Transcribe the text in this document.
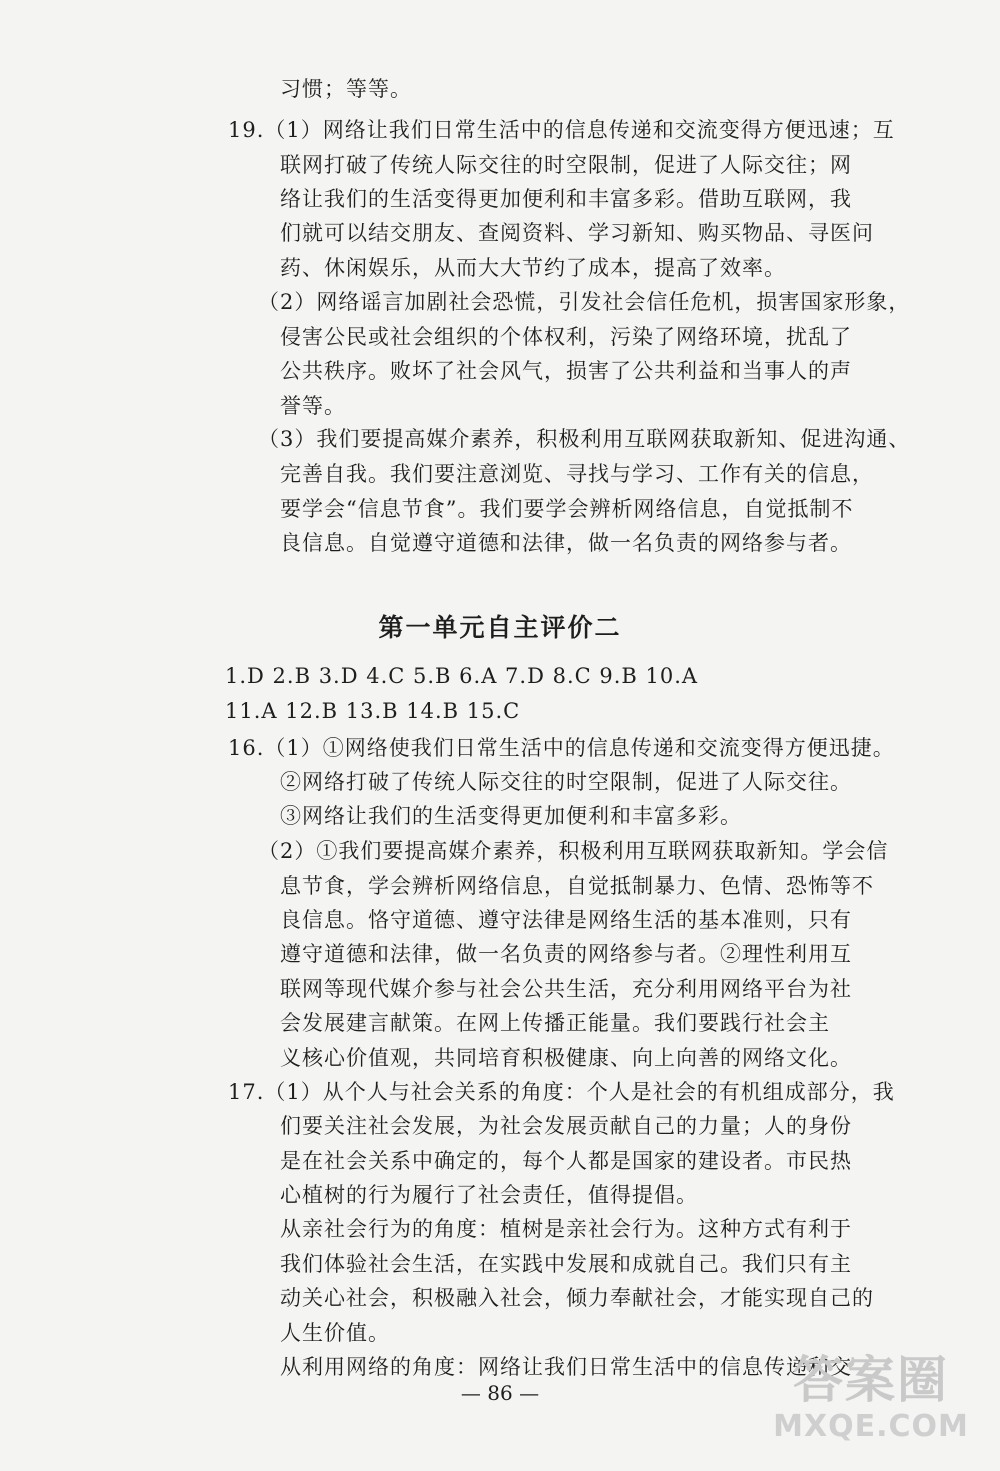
习惯；等等。
19.（1）网络让我们日常生活中的信息传递和交流变得方便迅速；互
联网打破了传统人际交往的时空限制，促进了人际交往；网
络让我们的生活变得更加便利和丰富多彩。借助互联网，我
们就可以结交朋友、查阅资料、学习新知、购买物品、寻医问
药、休闲娱乐，从而大大节约了成本，提高了效率。
（2）网络谣言加剧社会恐慌，引发社会信任危机，损害国家形象，
侵害公民或社会组织的个体权利，污染了网络环境，扰乱了
公共秩序。败坏了社会风气，损害了公共利益和当事人的声
誉等。
（3）我们要提高媒介素养，积极利用互联网获取新知、促进沟通、
完善自我。我们要注意浏览、寻找与学习、工作有关的信息，
要学会“信息节食”。我们要学会辨析网络信息，自觉抵制不
良信息。自觉遵守道德和法律，做一名负责的网络参与者。
第一单元自主评价二
1.D 2.B 3.D 4.C 5.B 6.A 7.D 8.C 9.B 10.A
11.A 12.B 13.B 14.B 15.C
16.（1）①网络使我们日常生活中的信息传递和交流变得方便迅捷。
②网络打破了传统人际交往的时空限制，促进了人际交往。
③网络让我们的生活变得更加便利和丰富多彩。
（2）①我们要提高媒介素养，积极利用互联网获取新知。学会信
息节食，学会辨析网络信息，自觉抵制暴力、色情、恐怖等不
良信息。恪守道德、遵守法律是网络生活的基本准则，只有
遵守道德和法律，做一名负责的网络参与者。②理性利用互
联网等现代媒介参与社会公共生活，充分利用网络平台为社
会发展建言献策。在网上传播正能量。我们要践行社会主
义核心价值观，共同培育积极健康、向上向善的网络文化。
17.（1）从个人与社会关系的角度：个人是社会的有机组成部分，我
们要关注社会发展，为社会发展贡献自己的力量；人的身份
是在社会关系中确定的，每个人都是国家的建设者。市民热
心植树的行为履行了社会责任，值得提倡。
从亲社会行为的角度：植树是亲社会行为。这种方式有利于
我们体验社会生活，在实践中发展和成就自己。我们只有主
动关心社会，积极融入社会，倾力奉献社会，才能实现自己的
人生价值。
从利用网络的角度：网络让我们日常生活中的信息传递和交
— 86 —	答案圈
MXQE.COM
